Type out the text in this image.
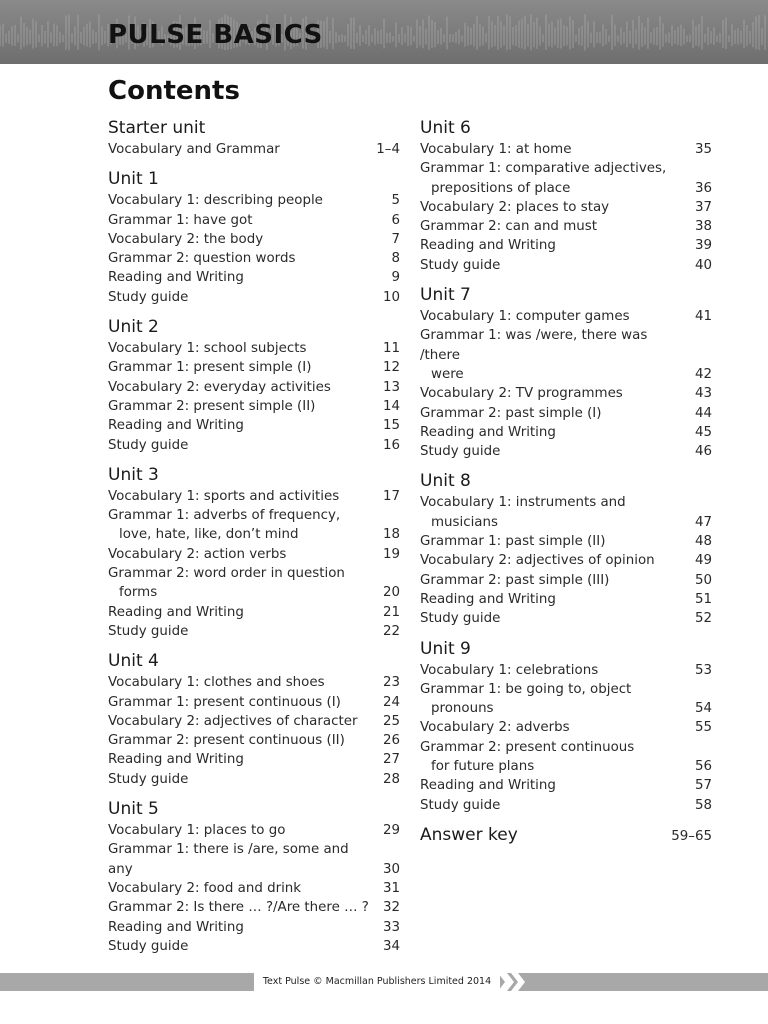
PULSE BASICS
Contents
Starter unit
Vocabulary and Grammar	1–4
Unit 1
Vocabulary 1: describing people	5
Grammar 1: have got	6
Vocabulary 2: the body	7
Grammar 2: question words	8
Reading and Writing	9
Study guide	10
Unit 2
Vocabulary 1: school subjects	11
Grammar 1: present simple (I)	12
Vocabulary 2: everyday activities	13
Grammar 2: present simple (II)	14
Reading and Writing	15
Study guide	16
Unit 3
Vocabulary 1: sports and activities	17
Grammar 1: adverbs of frequency,
love, hate, like, don’t mind	18
Vocabulary 2: action verbs	19
Grammar 2: word order in question
forms	20
Reading and Writing	21
Study guide	22
Unit 4
Vocabulary 1: clothes and shoes	23
Grammar 1: present continuous (I)	24
Vocabulary 2: adjectives of character	25
Grammar 2: present continuous (II)	26
Reading and Writing	27
Study guide	28
Unit 5
Vocabulary 1: places to go	29
Grammar 1: there is /are, some and any	30
Vocabulary 2: food and drink	31
Grammar 2: Is there … ?/Are there … ?	32
Reading and Writing	33
Study guide	34
Unit 6
Vocabulary 1: at home	35
Grammar 1: comparative adjectives,
prepositions of place	36
Vocabulary 2: places to stay	37
Grammar 2: can and must	38
Reading and Writing	39
Study guide	40
Unit 7
Vocabulary 1: computer games	41
Grammar 1: was /were, there was /there
were	42
Vocabulary 2: TV programmes	43
Grammar 2: past simple (I)	44
Reading and Writing	45
Study guide	46
Unit 8
Vocabulary 1: instruments and
musicians	47
Grammar 1: past simple (II)	48
Vocabulary 2: adjectives of opinion	49
Grammar 2: past simple (III)	50
Reading and Writing	51
Study guide	52
Unit 9
Vocabulary 1: celebrations	53
Grammar 1: be going to, object
pronouns	54
Vocabulary 2: adverbs	55
Grammar 2: present continuous
for future plans	56
Reading and Writing	57
Study guide	58
Answer key	59–65
Text Pulse © Macmillan Publishers Limited 2014
